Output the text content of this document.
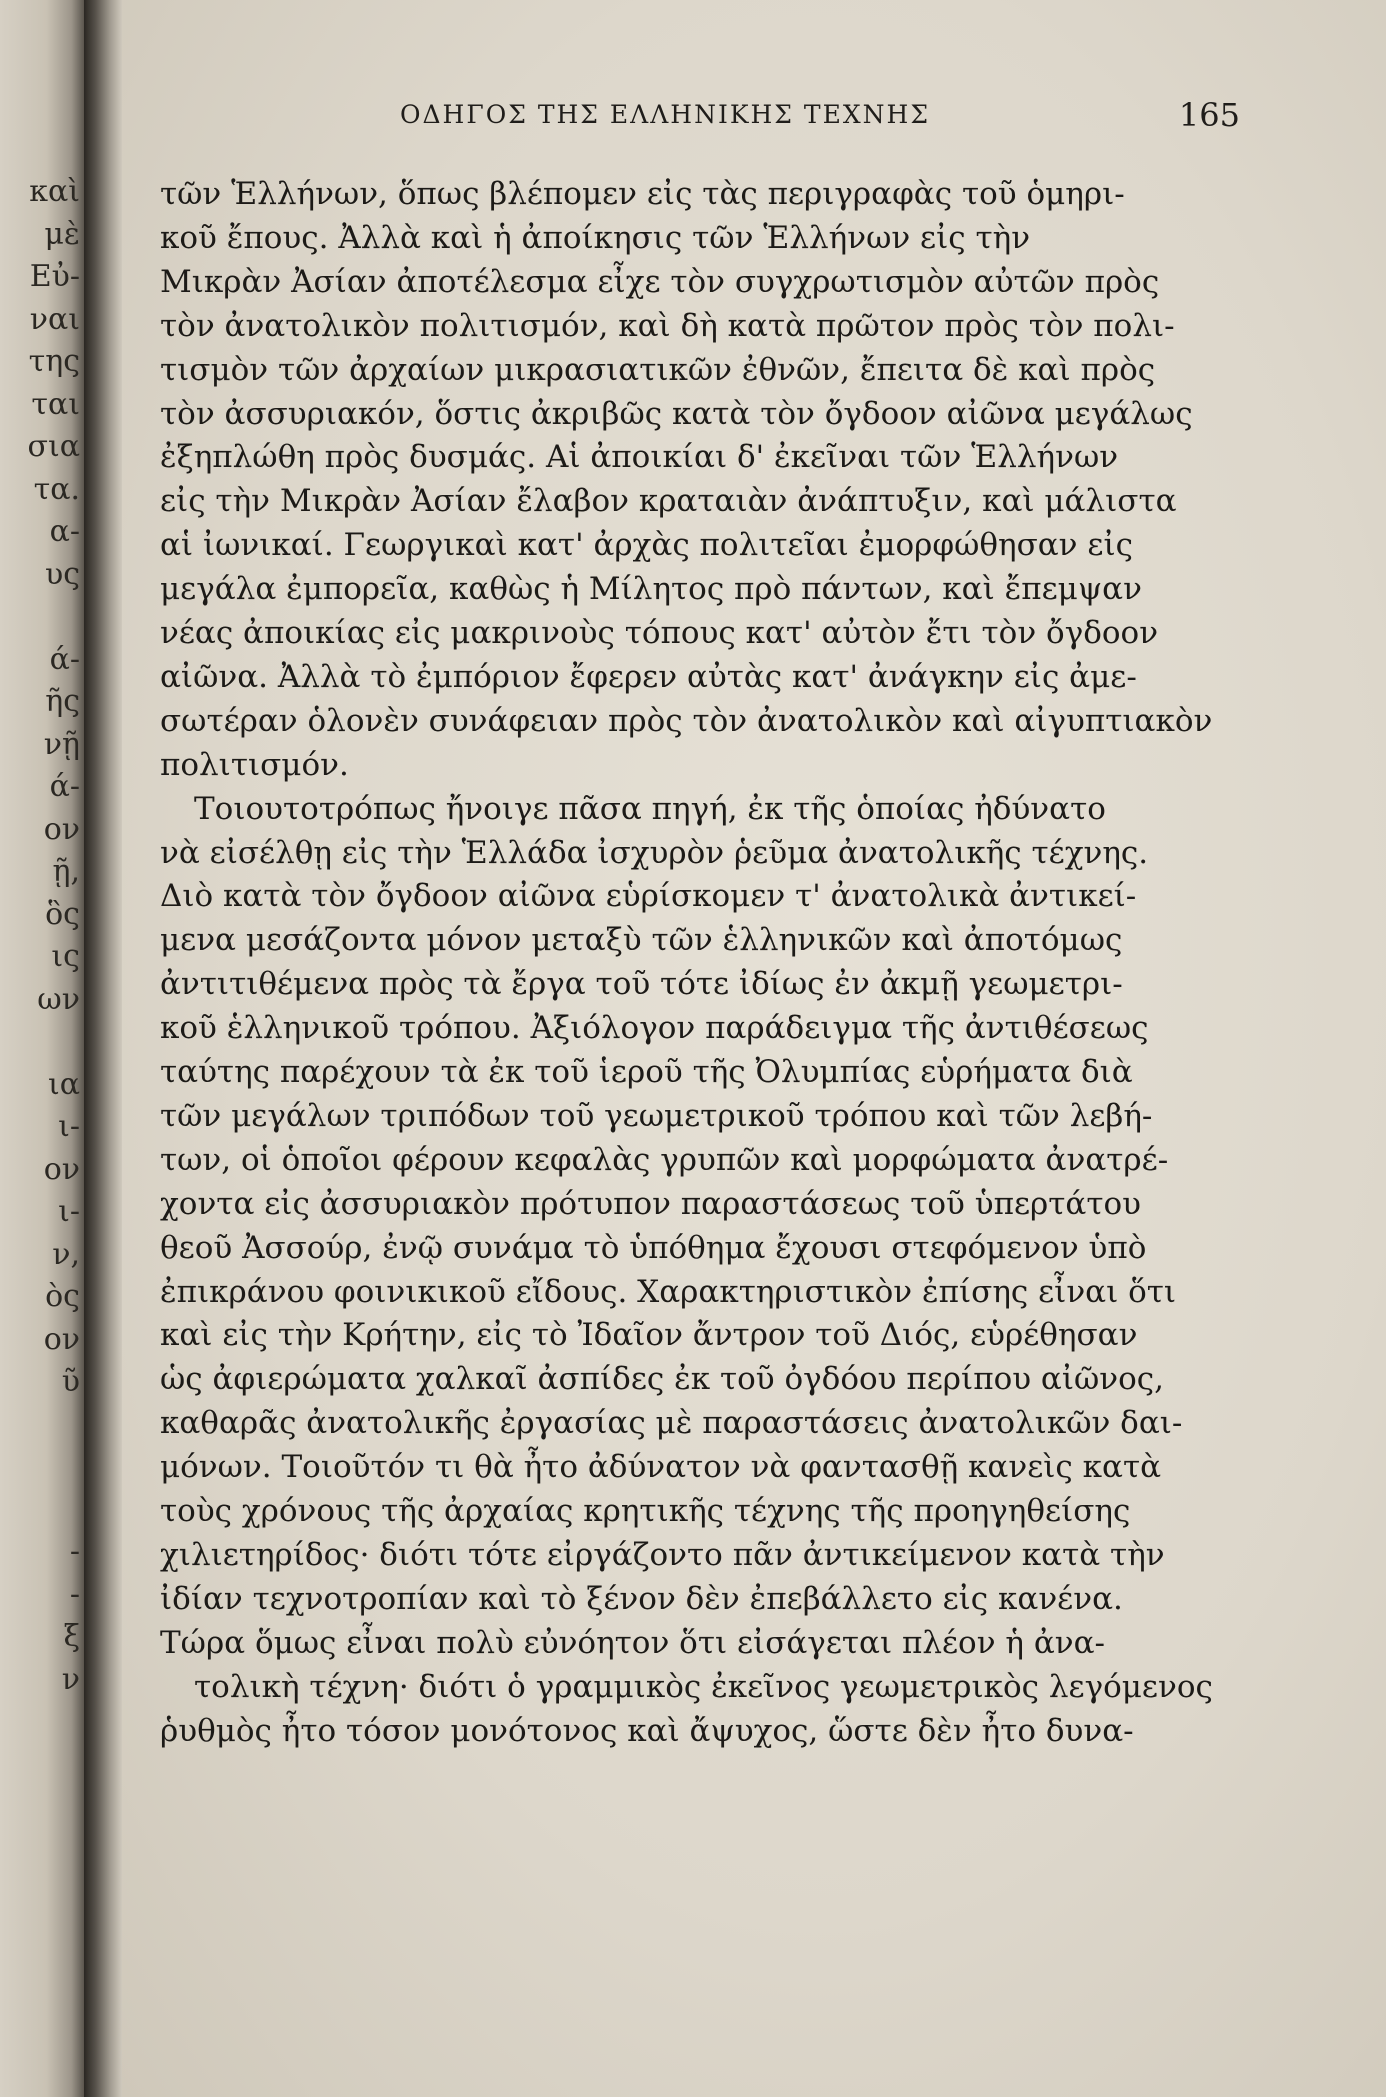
καὶ
μὲ
Εὐ-
ναι
της
ται
σια
τα.
α-
υς
ά-
ῆς
νῇ
ά-
ον
ῇ,
ὃς
ις
ων
ια
ι-
ον
ι-
ν,
ὸς
ον
ῦ
-
-
ξ
ν
ΟΔΗΓΟΣ ΤΗΣ ΕΛΛΗΝΙΚΗΣ ΤΕΧΝΗΣ	165
τῶν Ἑλλήνων, ὅπως βλέπομεν εἰς τὰς περιγραφὰς τοῦ ὁμηρι-
κοῦ ἔπους. Ἀλλὰ καὶ ἡ ἀποίκησις τῶν Ἑλλήνων εἰς τὴν
Μικρὰν Ἀσίαν ἀποτέλεσμα εἶχε τὸν συγχρωτισμὸν αὐτῶν πρὸς
τὸν ἀνατολικὸν πολιτισμόν, καὶ δὴ κατὰ πρῶτον πρὸς τὸν πολι-
τισμὸν τῶν ἀρχαίων μικρασιατικῶν ἐθνῶν, ἔπειτα δὲ καὶ πρὸς
τὸν ἀσσυριακόν, ὅστις ἀκριβῶς κατὰ τὸν ὄγδοον αἰῶνα μεγάλως
ἐξηπλώθη πρὸς δυσμάς. Αἱ ἀποικίαι δ' ἐκεῖναι τῶν Ἑλλήνων
εἰς τὴν Μικρὰν Ἀσίαν ἔλαβον κραταιὰν ἀνάπτυξιν, καὶ μάλιστα
αἱ ἰωνικαί. Γεωργικαὶ κατ' ἀρχὰς πολιτεῖαι ἐμορφώθησαν εἰς
μεγάλα ἐμπορεῖα, καθὼς ἡ Μίλητος πρὸ πάντων, καὶ ἔπεμψαν
νέας ἀποικίας εἰς μακρινοὺς τόπους κατ' αὐτὸν ἔτι τὸν ὄγδοον
αἰῶνα. Ἀλλὰ τὸ ἐμπόριον ἔφερεν αὐτὰς κατ' ἀνάγκην εἰς ἀμε-
σωτέραν ὁλονὲν συνάφειαν πρὸς τὸν ἀνατολικὸν καὶ αἰγυπτιακὸν
πολιτισμόν.
Τοιουτοτρόπως ἤνοιγε πᾶσα πηγή, ἐκ τῆς ὁποίας ἠδύνατο
νὰ εἰσέλθῃ εἰς τὴν Ἑλλάδα ἰσχυρὸν ῥεῦμα ἀνατολικῆς τέχνης.
Διὸ κατὰ τὸν ὄγδοον αἰῶνα εὑρίσκομεν τ' ἀνατολικὰ ἀντικεί-
μενα μεσάζοντα μόνον μεταξὺ τῶν ἑλληνικῶν καὶ ἀποτόμως
ἀντιτιθέμενα πρὸς τὰ ἔργα τοῦ τότε ἰδίως ἐν ἀκμῇ γεωμετρι-
κοῦ ἑλληνικοῦ τρόπου. Ἀξιόλογον παράδειγμα τῆς ἀντιθέσεως
ταύτης παρέχουν τὰ ἐκ τοῦ ἱεροῦ τῆς Ὀλυμπίας εὑρήματα διὰ
τῶν μεγάλων τριπόδων τοῦ γεωμετρικοῦ τρόπου καὶ τῶν λεβή-
των, οἱ ὁποῖοι φέρουν κεφαλὰς γρυπῶν καὶ μορφώματα ἀνατρέ-
χοντα εἰς ἀσσυριακὸν πρότυπον παραστάσεως τοῦ ὑπερτάτου
θεοῦ Ἀσσούρ, ἐνῷ συνάμα τὸ ὑπόθημα ἔχουσι στεφόμενον ὑπὸ
ἐπικράνου φοινικικοῦ εἴδους. Χαρακτηριστικὸν ἐπίσης εἶναι ὅτι
καὶ εἰς τὴν Κρήτην, εἰς τὸ Ἰδαῖον ἄντρον τοῦ Διός, εὑρέθησαν
ὡς ἀφιερώματα χαλκαῖ ἀσπίδες ἐκ τοῦ ὀγδόου περίπου αἰῶνος,
καθαρᾶς ἀνατολικῆς ἐργασίας μὲ παραστάσεις ἀνατολικῶν δαι-
μόνων. Τοιοῦτόν τι θὰ ἦτο ἀδύνατον νὰ φαντασθῇ κανεὶς κατὰ
τοὺς χρόνους τῆς ἀρχαίας κρητικῆς τέχνης τῆς προηγηθείσης
χιλιετηρίδος· διότι τότε εἰργάζοντο πᾶν ἀντικείμενον κατὰ τὴν
ἰδίαν τεχνοτροπίαν καὶ τὸ ξένον δὲν ἐπεβάλλετο εἰς κανένα.
Τώρα ὅμως εἶναι πολὺ εὐνόητον ὅτι εἰσάγεται πλέον ἡ ἀνα-
τολικὴ τέχνη· διότι ὁ γραμμικὸς ἐκεῖνος γεωμετρικὸς λεγόμενος
ῥυθμὸς ἦτο τόσον μονότονος καὶ ἄψυχος, ὥστε δὲν ἦτο δυνα-
